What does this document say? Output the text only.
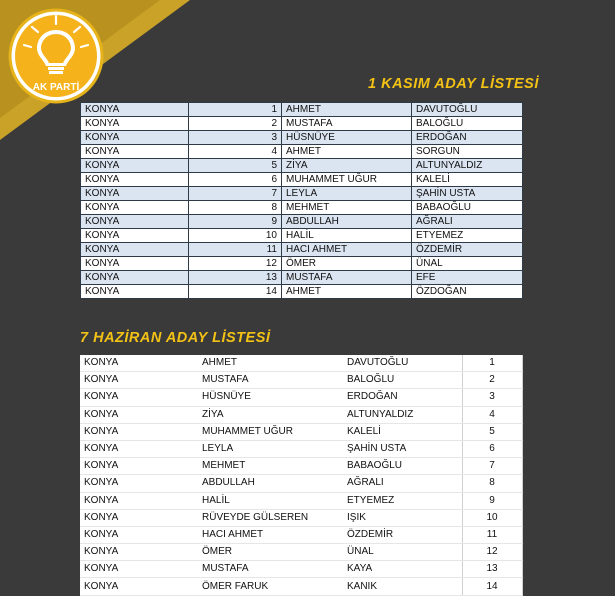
AK PARTİ	1 KASIM ADAY LİSTESİ
KONYA	1	AHMET	DAVUTOĞLU
KONYA	2	MUSTAFA	BALOĞLU
KONYA	3	HÜSNÜYE	ERDOĞAN
KONYA	4	AHMET	SORGUN
KONYA	5	ZİYA	ALTUNYALDIZ
KONYA	6	MUHAMMET UĞUR	KALELİ
KONYA	7	LEYLA	ŞAHİN USTA
KONYA	8	MEHMET	BABAOĞLU
KONYA	9	ABDULLAH	AĞRALI
KONYA	10	HALİL	ETYEMEZ
KONYA	11	HACI AHMET	ÖZDEMİR
KONYA	12	ÖMER	ÜNAL
KONYA	13	MUSTAFA	EFE
KONYA	14	AHMET	ÖZDOĞAN
7 HAZİRAN ADAY LİSTESİ
KONYA	AHMET	DAVUTOĞLU	1
KONYA	MUSTAFA	BALOĞLU	2
KONYA	HÜSNÜYE	ERDOĞAN	3
KONYA	ZİYA	ALTUNYALDIZ	4
KONYA	MUHAMMET UĞUR	KALELİ	5
KONYA	LEYLA	ŞAHİN USTA	6
KONYA	MEHMET	BABAOĞLU	7
KONYA	ABDULLAH	AĞRALI	8
KONYA	HALİL	ETYEMEZ	9
KONYA	RÜVEYDE GÜLSEREN	IŞIK	10
KONYA	HACI AHMET	ÖZDEMİR	11
KONYA	ÖMER	ÜNAL	12
KONYA	MUSTAFA	KAYA	13
KONYA	ÖMER FARUK	KANIK	14
